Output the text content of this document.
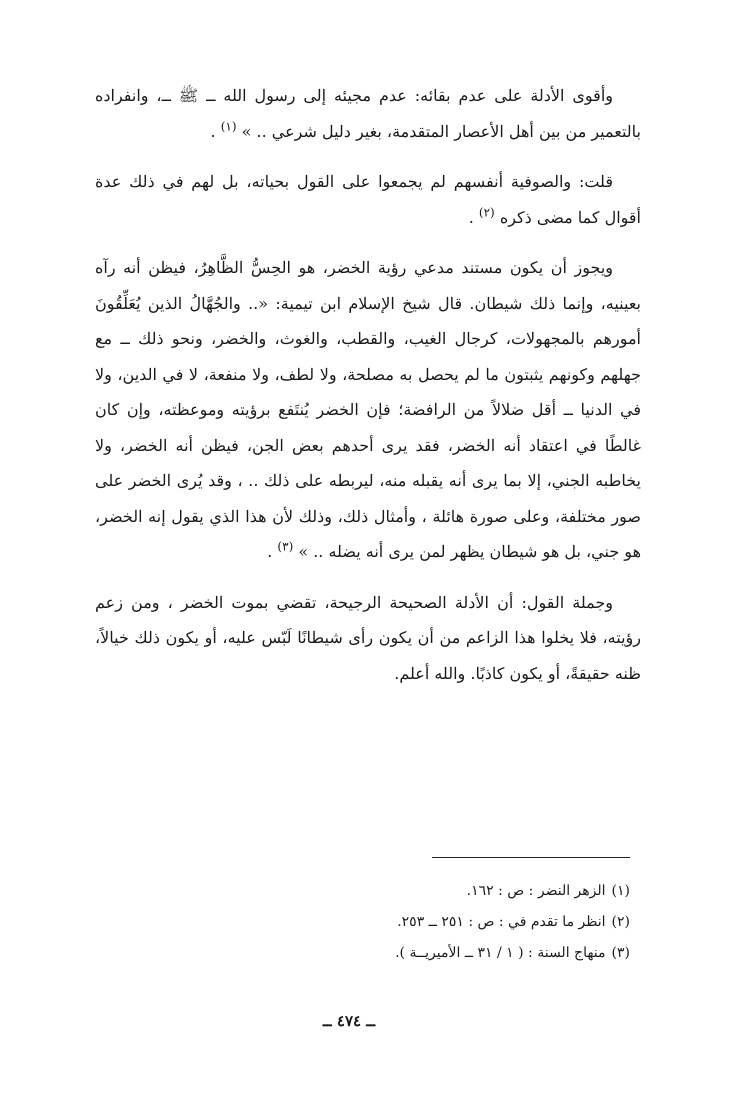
وأقوى الأدلة على عدم بقائه: عدم مجيئه إلى رسول الله ــ ﷺ ــ، وانفراده بالتعمير من بين أهل الأعصار المتقدمة، بغير دليل شرعي .. » $^{(١)}$ .

قلت: والصوفية أنفسهم لم يجمعوا على القول بحياته، بل لهم في ذلك عدة أقوال كما مضى ذكره $^{(٢)}$ .

ويجوز أن يكون مستند مدعي رؤية الخضر، هو الحِسُّ الظَّاهِرُ، فيظن أنه رآه بعينيه، وإنما ذلك شيطان. قال شيخ الإسلام ابن تيمية: «.. والجُهَّالُ الذين يُعَلِّقُونَ أمورهم بالمجهولات، كرجال الغيب، والقطب، والغوث، والخضر، ونحو ذلك ــ مع جهلهم وكونهم يثبتون ما لم يحصل به مصلحة، ولا لطف، ولا منفعة، لا في الدين، ولا في الدنيا ــ أقل ضلالاً من الرافضة؛ فإن الخضر يُنتَفع برؤيته وموعظته، وإن كان غالطًا في اعتقاد أنه الخضر، فقد يرى أحدهم بعض الجن، فيظن أنه الخضر، ولا يخاطبه الجني، إلا بما يرى أنه يقبله منه، ليربطه على ذلك .. ، وقد يُرى الخضر على صور مختلفة، وعلى صورة هائلة ، وأمثال ذلك، وذلك لأن هذا الذي يقول إنه الخضر، هو جني، بل هو شيطان يظهر لمن يرى أنه يضله .. » $^{(٣)}$ .

وجملة القول: أن الأدلة الصحيحة الرجيحة، تقضي بموت الخضر ، ومن زعم رؤيته، فلا يخلوا هذا الزاعم من أن يكون رأى شيطانًا لَبّس عليه، أو يكون ذلك خيالاً، ظنه حقيقةً، أو يكون كاذبًا. والله أعلم.

(١)الزهر النضر : ص : ١٦٢.
(٢)انظر ما تقدم في : ص : ٢٥١ ــ ٢٥٣.
(٣)منهاج السنة : ( ١ / ٣١ ــ الأميريــة ).
ــ ٤٧٤ ــ
